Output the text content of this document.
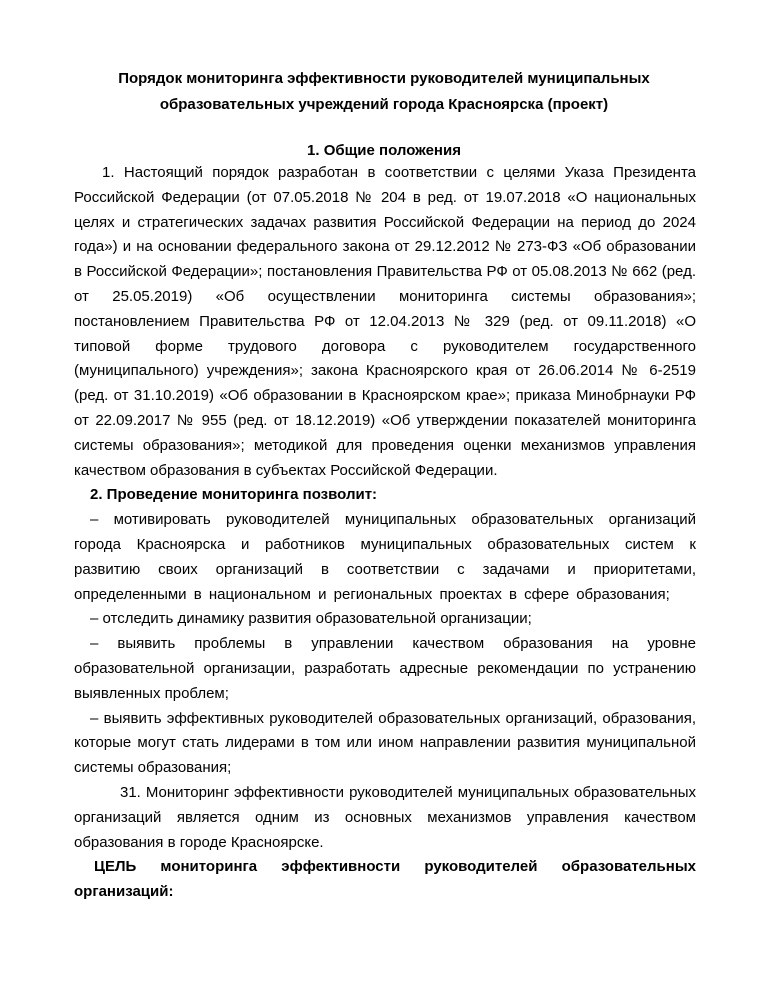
Порядок мониторинга эффективности руководителей муниципальных
образовательных учреждений города Красноярска (проект)
1. Общие положения

1. Настоящий порядок разработан в соответствии с целями Указа Президента Российской Федерации (от 07.05.2018 № 204 в ред. от 19.07.2018 «О национальных целях и стратегических задачах развития Российской Федерации на период до 2024 года») и на основании федерального закона от 29.12.2012 № 273-ФЗ «Об образовании в Российской Федерации»; постановления Правительства РФ от 05.08.2013 № 662 (ред. от 25.05.2019) «Об осуществлении мониторинга системы образования»; постановлением Правительства РФ от 12.04.2013 № 329 (ред. от 09.11.2018) «О типовой форме трудового договора с руководителем государственного (муниципального) учреждения»; закона Красноярского края от 26.06.2014 № 6-2519 (ред. от 31.10.2019) «Об образовании в Красноярском крае»; приказа Минобрнауки РФ от 22.09.2017 № 955 (ред. от 18.12.2019) «Об утверждении показателей мониторинга системы образования»; методикой для проведения оценки механизмов управления качеством образования в субъектах Российской Федерации.

2. Проведение мониторинга позволит:

– мотивировать руководителей муниципальных образовательных организаций города Красноярска и работников муниципальных образовательных систем к развитию своих организаций в соответствии с задачами и приоритетами, определенными в национальном и региональных проектах в сфере образования;

– отследить динамику развития образовательной организации;

– выявить проблемы в управлении качеством образования на уровне образовательной организации, разработать адресные рекомендации по устранению выявленных проблем;

– выявить эффективных руководителей образовательных организаций, образования, которые могут стать лидерами в том или ином направлении развития муниципальной системы образования;

31. Мониторинг эффективности руководителей муниципальных образовательных организаций является одним из основных механизмов управления качеством образования в городе Красноярске.

ЦЕЛЬ мониторинга эффективности руководителей образовательных организаций:
